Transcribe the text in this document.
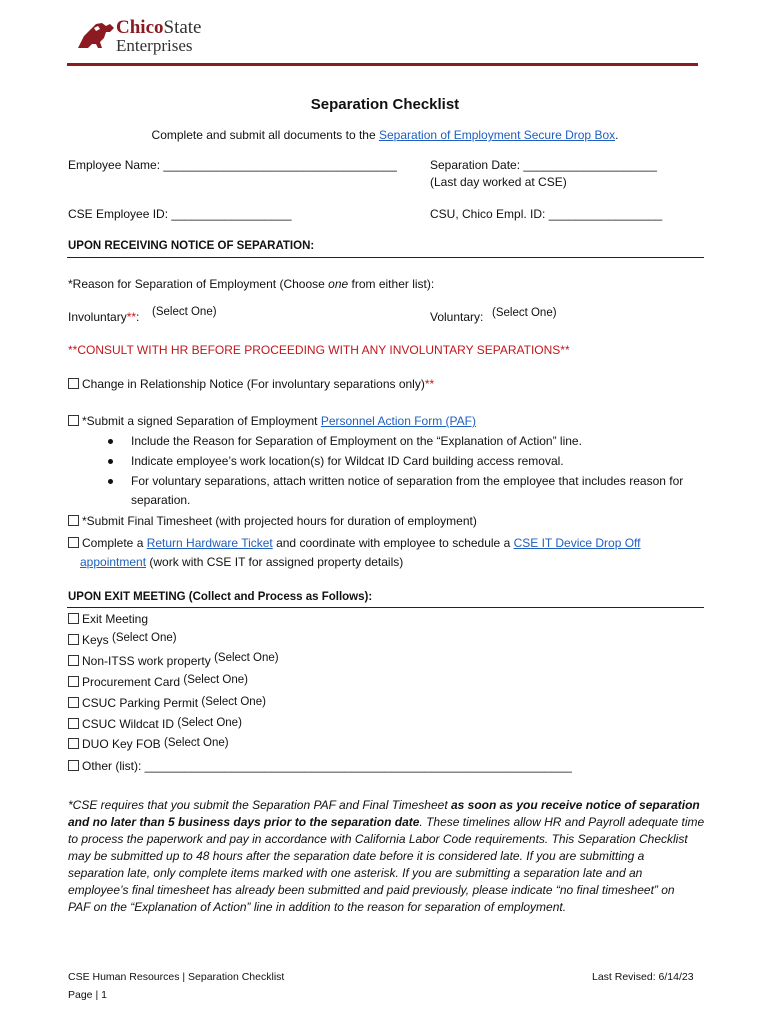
ChicoState
Enterprises
Separation Checklist
Complete and submit all documents to the Separation of Employment Secure Drop Box.
Employee Name: ___________________________________	Separation Date: ____________________
(Last day worked at CSE)
CSE Employee ID: __________________	CSU, Chico Empl. ID: _________________
UPON RECEIVING NOTICE OF SEPARATION:
*Reason for Separation of Employment (Choose one from either list):
Involuntary**: (Select One)	Voluntary: (Select One)
**CONSULT WITH HR BEFORE PROCEEDING WITH ANY INVOLUNTARY SEPARATIONS**
Change in Relationship Notice (For involuntary separations only)**
*Submit a signed Separation of Employment Personnel Action Form (PAF)
Include the Reason for Separation of Employment on the “Explanation of Action” line.
Indicate employee’s work location(s) for Wildcat ID Card building access removal.
For voluntary separations, attach written notice of separation from the employee that includes reason for
separation.
*Submit Final Timesheet (with projected hours for duration of employment)
Complete a Return Hardware Ticket and coordinate with employee to schedule a CSE IT Device Drop Off
appointment (work with CSE IT for assigned property details)
UPON EXIT MEETING (Collect and Process as Follows):
Exit Meeting
Keys (Select One)
Non-ITSS work property (Select One)
Procurement Card (Select One)
CSUC Parking Permit (Select One)
CSUC Wildcat ID (Select One)
DUO Key FOB (Select One)
Other (list): ________________________________________________________________
*CSE requires that you submit the Separation PAF and Final Timesheet as soon as you receive notice of separation
and no later than 5 business days prior to the separation date. These timelines allow HR and Payroll adequate time
to process the paperwork and pay in accordance with California Labor Code requirements. This Separation Checklist
may be submitted up to 48 hours after the separation date before it is considered late. If you are submitting a
separation late, only complete items marked with one asterisk. If you are submitting a separation late and an
employee’s final timesheet has already been submitted and paid previously, please indicate “no final timesheet” on
PAF on the “Explanation of Action” line in addition to the reason for separation of employment.
CSE Human Resources | Separation Checklist	Last Revised: 6/14/23
Page | 1
